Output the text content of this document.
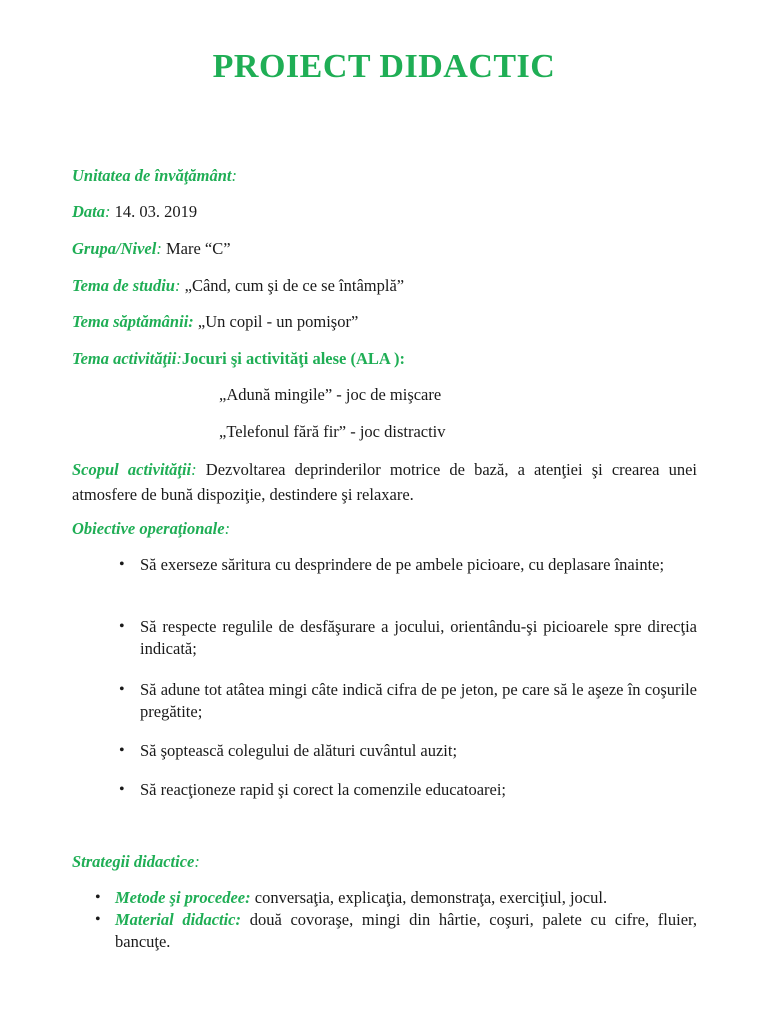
PROIECT DIDACTIC
Unitatea de învăţământ:
Data: 14. 03. 2019
Grupa/Nivel: Mare “C”
Tema de studiu: „Când, cum şi de ce se întâmplă”
Tema săptămânii: „Un copil - un pomişor”
Tema activităţii:Jocuri şi activităţi alese (ALA ):
„Adună mingile” - joc de mişcare
„Telefonul fără fir” - joc distractiv
Scopul activităţii: Dezvoltarea deprinderilor motrice de bază, a atenţiei şi crearea unei atmosfere de bună dispoziţie, destindere şi relaxare.
Obiective operaţionale:
• Să exerseze săritura cu desprindere de pe ambele picioare, cu deplasare înainte;
• Să respecte regulile de desfăşurare a jocului, orientându-şi picioarele spre direcţia indicată;
• Să adune tot atâtea mingi câte indică cifra de pe jeton, pe care să le aşeze în coşurile pregătite;
• Să şoptească colegului de alături cuvântul auzit;
• Să reacţioneze rapid şi corect la comenzile educatoarei;
Strategii didactice:
• Metode şi procedee: conversaţia, explicaţia, demonstraţa, exerciţiul, jocul.
• Material didactic: două covoraşe, mingi din hârtie, coşuri, palete cu cifre, fluier, bancuţe.
